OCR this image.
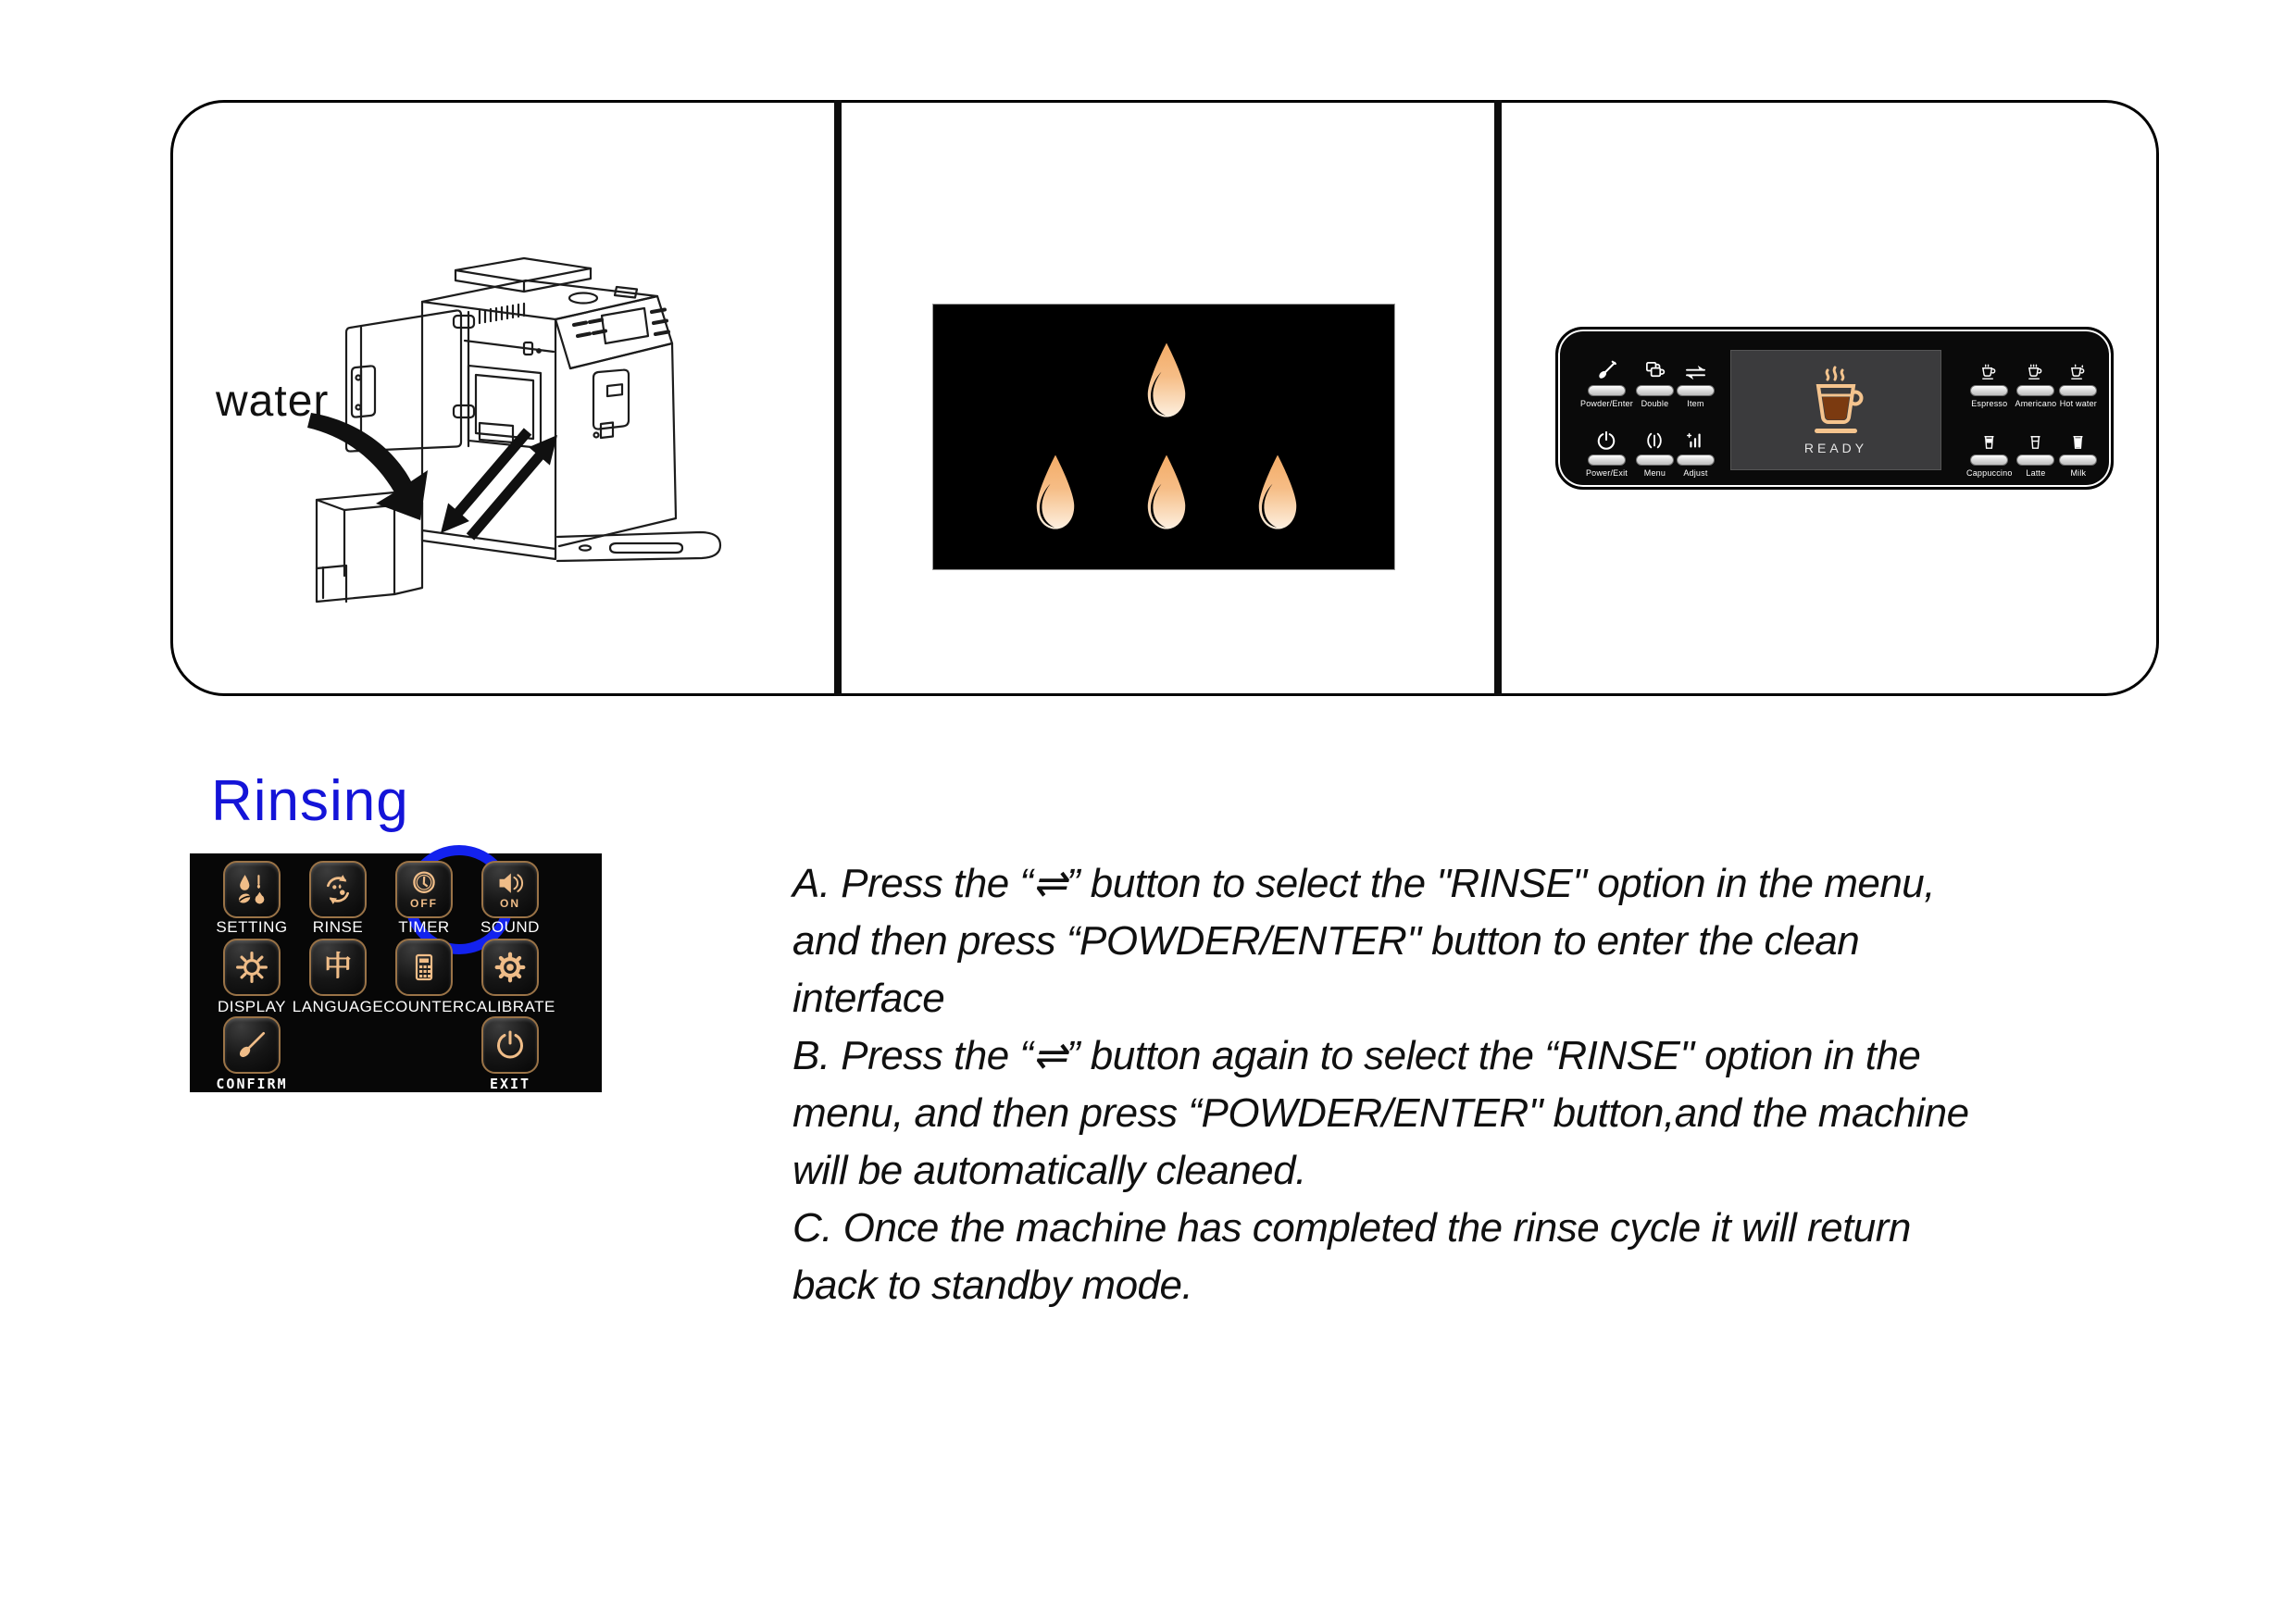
water	Powder/Enter Double Item
Power/Exit Menu Adjust
READY
Espresso Americano Hot water
Cappuccino Latte	Milk
Rinsing
OFF	ON
SETTING	RINSE	TIMER	SOUND
中
DISPLAY LANGUAGE COUNTER CALIBRATE
CONFIRM	EXIT
A. Press the “⇌” button to select the "RINSE" option in the menu,
and then press “POWDER/ENTER" button to enter the clean
interface
B. Press the “⇌” button again to select the “RINSE" option in the
menu, and then press “POWDER/ENTER" button,and the machine
will be automatically cleaned.
C. Once the machine has completed the rinse cycle it will return
back to standby mode.
